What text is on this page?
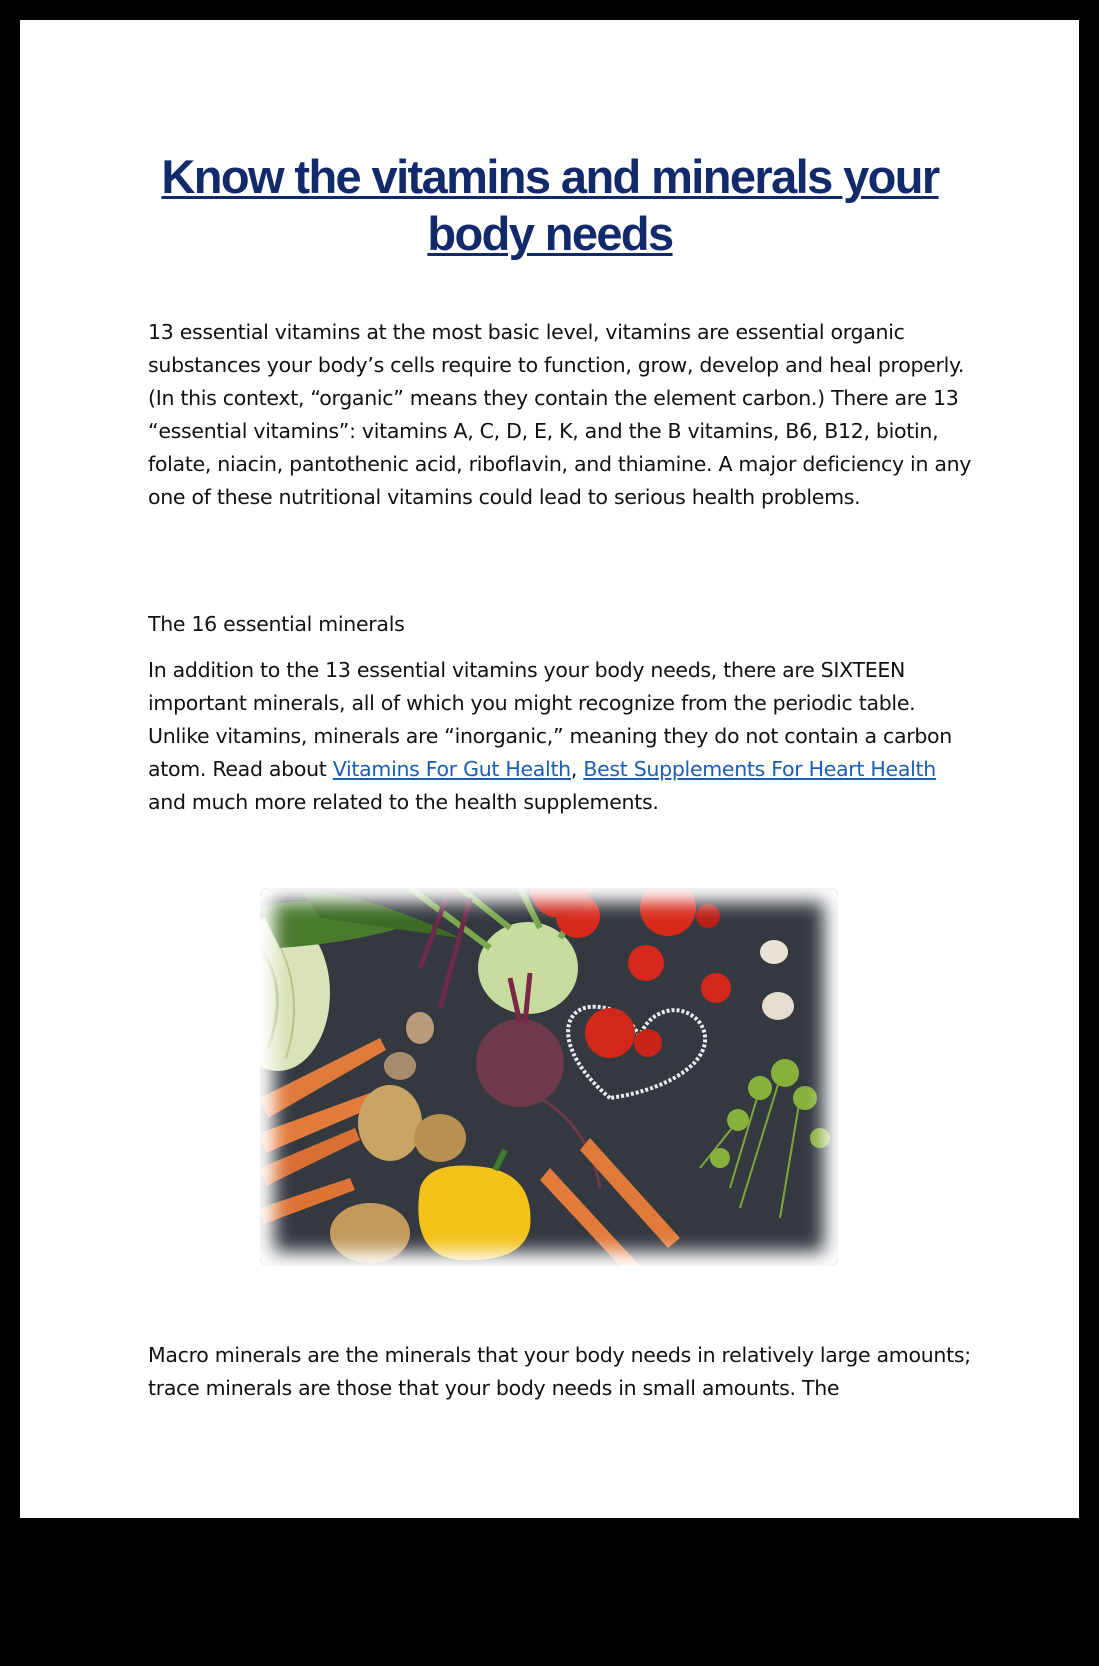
Know the vitamins and minerals your body needs

13 essential vitamins at the most basic level, vitamins are essential organic substances your body’s cells require to function, grow, develop and heal properly. (In this context, “organic” means they contain the element carbon.) There are 13 “essential vitamins”: vitamins A, C, D, E, K, and the B vitamins, B6, B12, biotin, folate, niacin, pantothenic acid, riboflavin, and thiamine. A major deficiency in any one of these nutritional vitamins could lead to serious health problems.

The 16 essential minerals

In addition to the 13 essential vitamins your body needs, there are SIXTEEN important minerals, all of which you might recognize from the periodic table. Unlike vitamins, minerals are “inorganic,” meaning they do not contain a carbon atom. Read about Vitamins For Gut Health, Best Supplements For Heart Health and much more related to the health supplements.

Macro minerals are the minerals that your body needs in relatively large amounts; trace minerals are those that your body needs in small amounts. The
